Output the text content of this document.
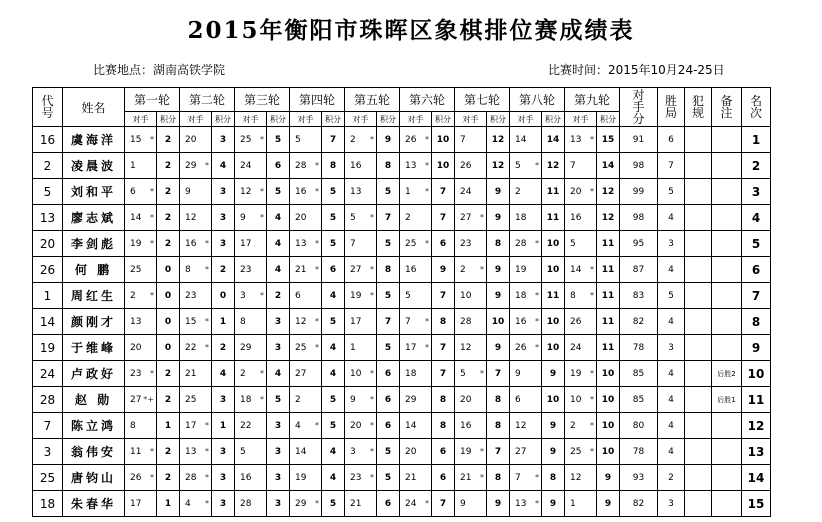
2015年衡阳市珠晖区象棋排位赛成绩表
比赛地点：湖南高铁学院	比赛时间：2015年10月24-25日
代号	姓名	第一轮		第二轮		第三轮		第四轮		第五轮		第六轮		第七轮		第八轮		第九轮		对手分	胜局	犯规	备注	名次
		对手	积分	对手	积分	对手	积分	对手	积分	对手	积分	对手	积分	对手	积分	对手	积分	对手	积分					
16	虞海洋	15 *	2	20	3	25 *	5	5	7	2 *	9	26 *	10	7	12	14	14	13 *	15	91	6			1
2	凌晨波	1	2	29 *	4	24	6	28 *	8	16	8	13 *	10	26	12	5 *	12	7	14	98	7			2
5	刘和平	6 *	2	9	3	12 *	5	16 *	5	13	5	1 *	7	24	9	2	11	20 *	12	99	5			3
13	廖志斌	14 *	2	12	3	9 *	4	20	5	5 *	7	2	7	27 *	9	18	11	16	12	98	4			4
20	李剑彪	19 *	2	16 *	3	17	4	13 *	5	7	5	25 *	6	23	8	28 *	10	5	11	95	3			5
26	何 鹏	25	0	8 *	2	23	4	21 *	6	27 *	8	16	9	2 *	9	19	10	14 *	11	87	4			6
1	周红生	2 *	0	23	0	3 *	2	6	4	19 *	5	5	7	10	9	18 *	11	8 *	11	83	5			7
14	颜刚才	13	0	15 *	1	8	3	12 *	5	17	7	7 *	8	28	10	16 *	10	26	11	82	4			8
19	于维峰	20	0	22 *	2	29	3	25 *	4	1	5	17 *	7	12	9	26 *	10	24	11	78	3			9
24	卢政好	23 *	2	21	4	2 *	4	27	4	10 *	6	18	7	5 *	7	9	9	19 *	10	85	4		后胜2	10
28	赵 勋	27 *+	2	25	3	18 *	5	2	5	9 *	6	29	8	20	8	6	10	10 *	10	85	4		后胜1	11
7	陈立鸿	8	1	17 *	1	22	3	4 *	5	20 *	6	14	8	16	8	12	9	2 *	10	80	4			12
3	翁伟安	11 *	2	13 *	3	5	3	14	4	3 *	5	20	6	19 *	7	27	9	25 *	10	78	4			13
25	唐钧山	26 *	2	28 *	3	16	3	19	4	23 *	5	21	6	21 *	8	7 *	8	12	9	93	2			14
18	朱春华	17	1	4 *	3	28	3	29 *	5	21	6	24 *	7	9	9	13 *	9	1	9	82	3			15
